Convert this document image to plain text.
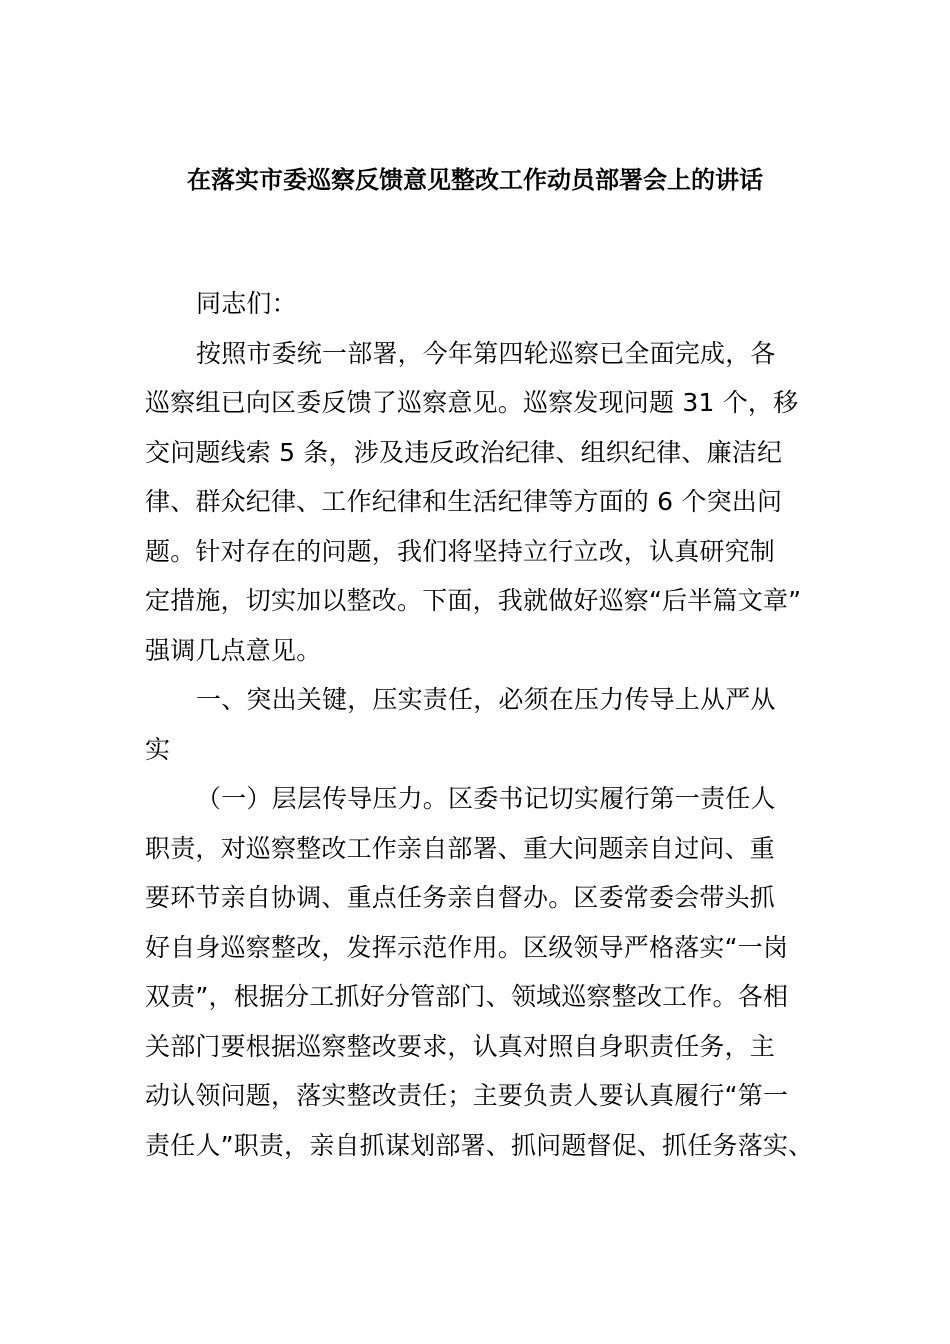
在落实市委巡察反馈意见整改工作动员部署会上的讲话
同志们：
按照市委统一部署，今年第四轮巡察已全面完成，各
巡察组已向区委反馈了巡察意见。巡察发现问题 31 个，移
交问题线索 5 条，涉及违反政治纪律、组织纪律、廉洁纪
律、群众纪律、工作纪律和生活纪律等方面的 6 个突出问
题。针对存在的问题，我们将坚持立行立改，认真研究制
定措施，切实加以整改。下面，我就做好巡察“后半篇文章”
强调几点意见。
一、突出关键，压实责任，必须在压力传导上从严从
实
（一）层层传导压力。区委书记切实履行第一责任人
职责，对巡察整改工作亲自部署、重大问题亲自过问、重
要环节亲自协调、重点任务亲自督办。区委常委会带头抓
好自身巡察整改，发挥示范作用。区级领导严格落实“一岗
双责”，根据分工抓好分管部门、领域巡察整改工作。各相
关部门要根据巡察整改要求，认真对照自身职责任务，主
动认领问题，落实整改责任；主要负责人要认真履行“第一
责任人”职责，亲自抓谋划部署、抓问题督促、抓任务落实、
